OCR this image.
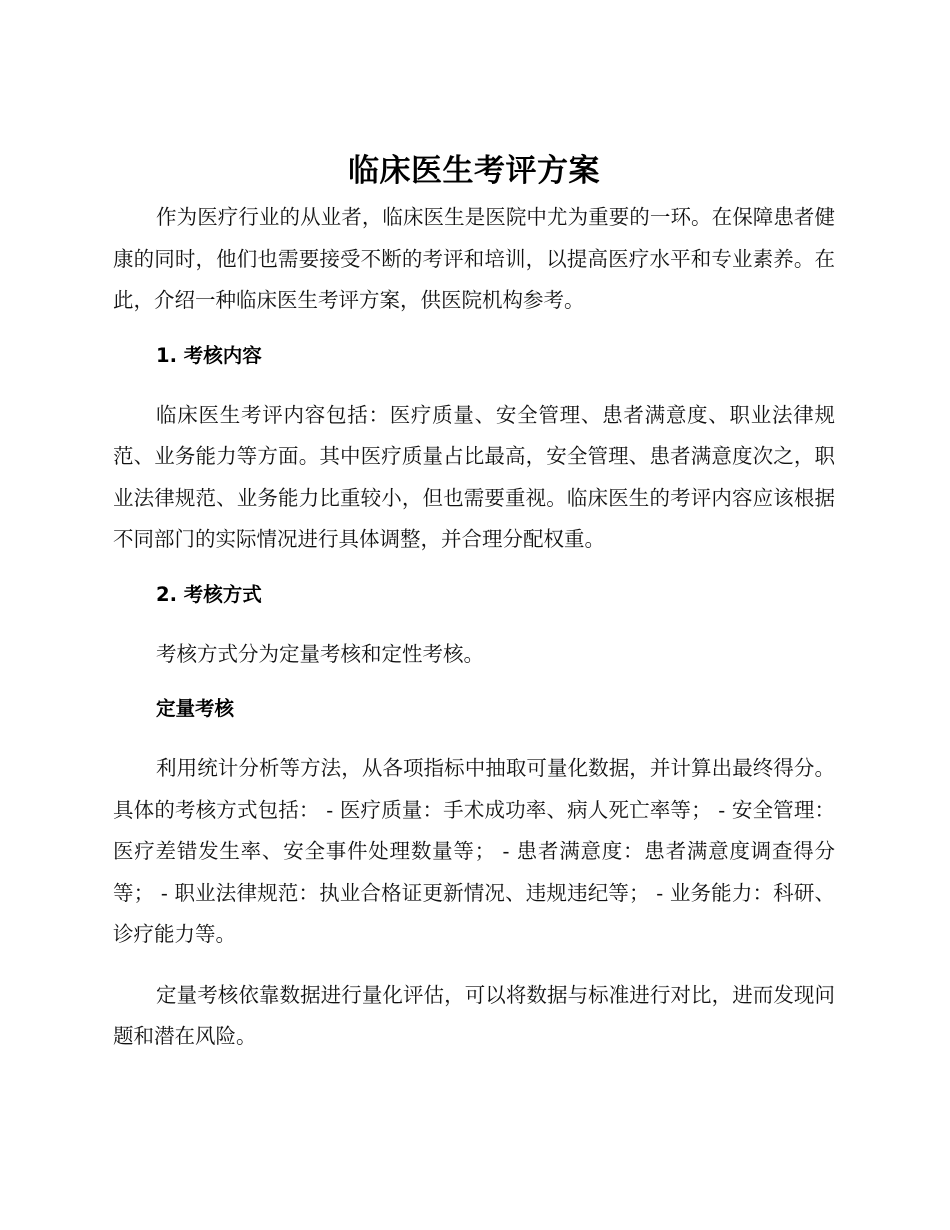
临床医生考评方案

作为医疗行业的从业者，临床医生是医院中尤为重要的一环。在保障患者健康的同时，他们也需要接受不断的考评和培训，以提高医疗水平和专业素养。在此，介绍一种临床医生考评方案，供医院机构参考。

1. 考核内容

临床医生考评内容包括：医疗质量、安全管理、患者满意度、职业法律规范、业务能力等方面。其中医疗质量占比最高，安全管理、患者满意度次之，职业法律规范、业务能力比重较小，但也需要重视。临床医生的考评内容应该根据不同部门的实际情况进行具体调整，并合理分配权重。

2. 考核方式

考核方式分为定量考核和定性考核。

定量考核

利用统计分析等方法，从各项指标中抽取可量化数据，并计算出最终得分。具体的考核方式包括： - 医疗质量：手术成功率、病人死亡率等； - 安全管理：医疗差错发生率、安全事件处理数量等； - 患者满意度：患者满意度调查得分等； - 职业法律规范：执业合格证更新情况、违规违纪等； - 业务能力：科研、诊疗能力等。

定量考核依靠数据进行量化评估，可以将数据与标准进行对比，进而发现问题和潜在风险。
